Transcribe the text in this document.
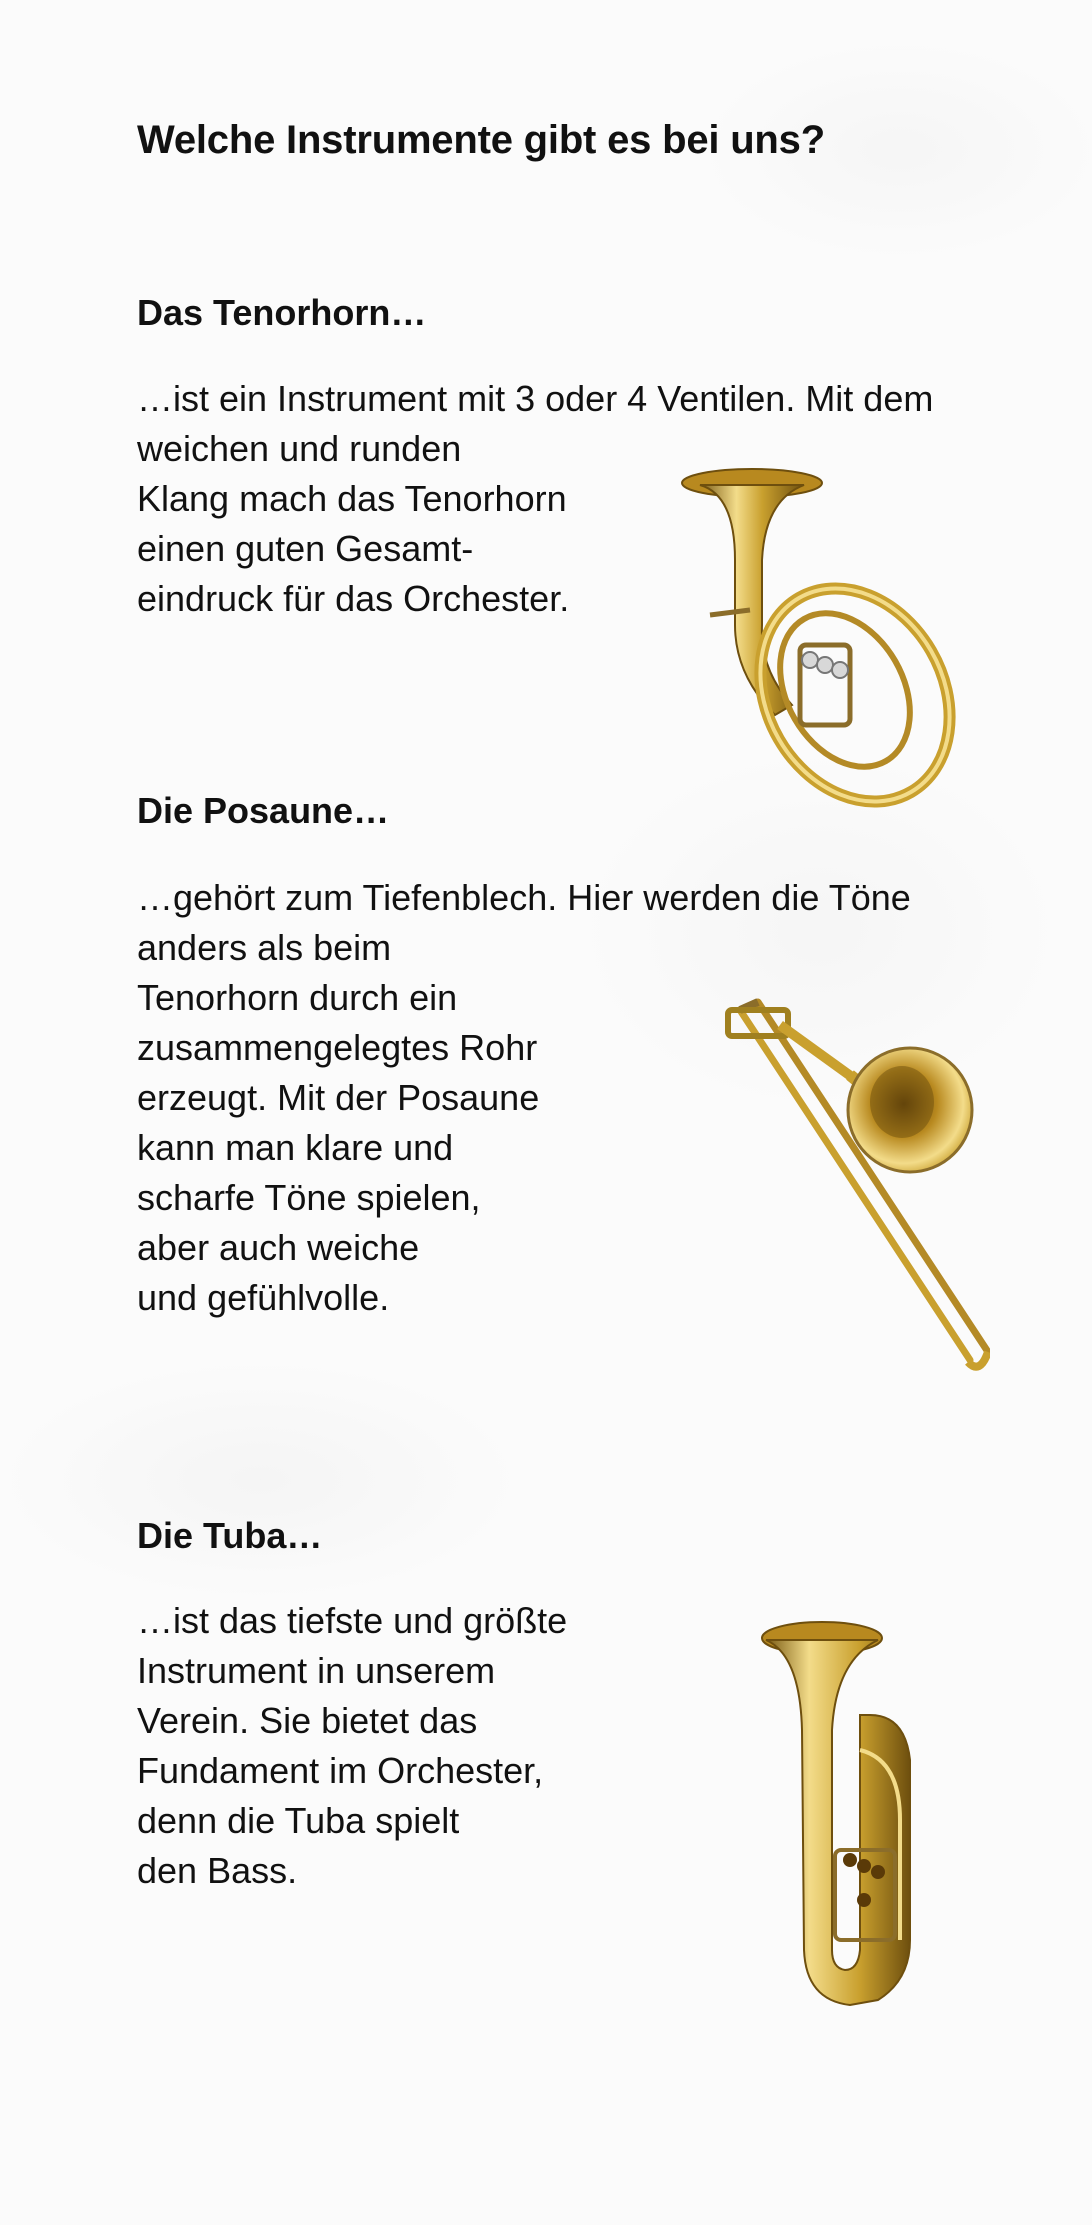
Welche Instrumente gibt es bei uns?
Das Tenorhorn…

…ist ein Instrument mit 3 oder 4 Ventilen. Mit dem
weichen und runden
Klang mach das Tenorhorn
einen guten Gesamt-
eindruck für das Orchester.

Die Posaune…

…gehört zum Tiefenblech. Hier werden die Töne
anders als beim
Tenorhorn durch ein
zusammengelegtes Rohr
erzeugt. Mit der Posaune
kann man klare und
scharfe Töne spielen,
aber auch weiche
und gefühlvolle.

Die Tuba…

…ist das tiefste und größte
Instrument in unserem
Verein. Sie bietet das
Fundament im Orchester,
denn die Tuba spielt
den Bass.
